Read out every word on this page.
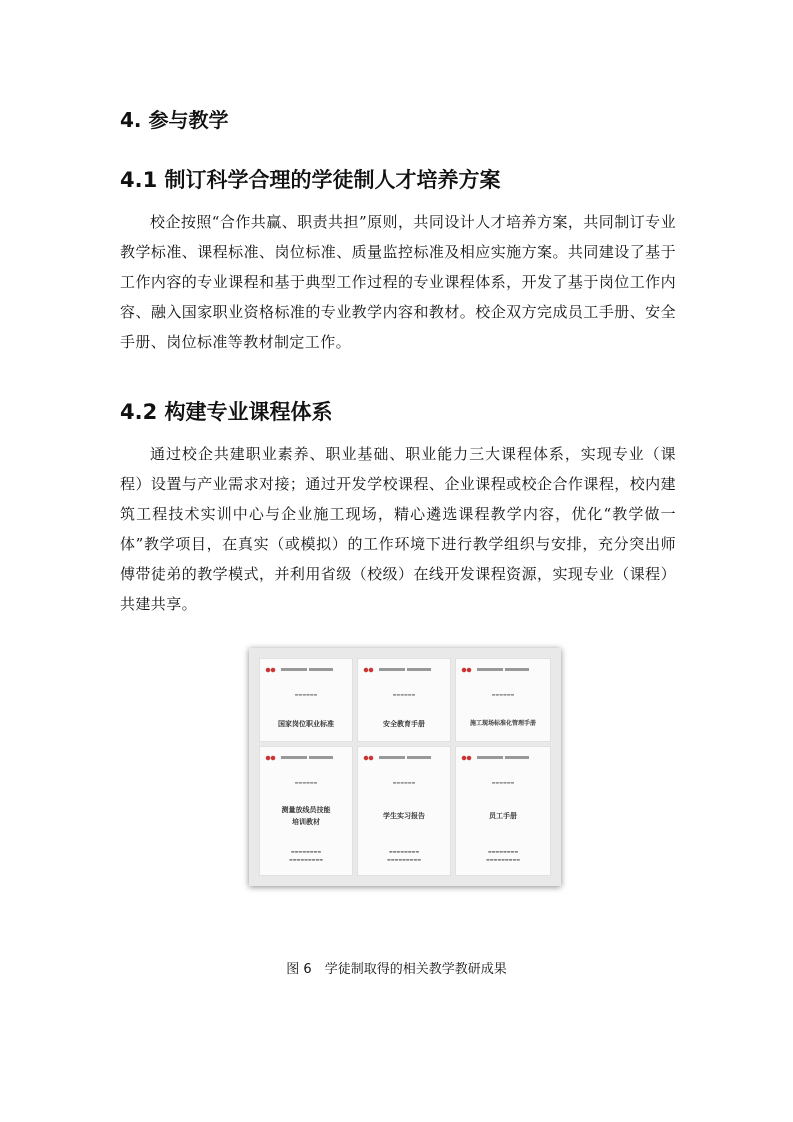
4. 参与教学
4.1 制订科学合理的学徒制人才培养方案

校企按照“合作共赢、职责共担”原则，共同设计人才培养方案，共同制订专业教学标准、课程标准、岗位标准、质量监控标准及相应实施方案。共同建设了基于工作内容的专业课程和基于典型工作过程的专业课程体系，开发了基于岗位工作内容、融入国家职业资格标准的专业教学内容和教材。校企双方完成员工手册、安全手册、岗位标准等教材制定工作。

4.2 构建专业课程体系

通过校企共建职业素养、职业基础、职业能力三大课程体系，实现专业（课程）设置与产业需求对接；通过开发学校课程、企业课程或校企合作课程，校内建筑工程技术实训中心与企业施工现场，精心遴选课程教学内容，优化“教学做一体”教学项目，在真实（或模拟）的工作环境下进行教学组织与安排，充分突出师傅带徒弟的教学模式，并利用省级（校级）在线开发课程资源，实现专业（课程）共建共享。

▬▬▬▬▬▬
国家岗位职业标准
▬▬▬▬▬▬
安全教育手册
▬▬▬▬▬▬
施工现场标准化管理手册
▬▬▬▬▬▬
测量放线员技能培训教材
▬▬▬▬▬▬▬▬
▬▬▬▬▬▬▬▬▬
▬▬▬▬▬▬
学生实习报告
▬▬▬▬▬▬▬▬
▬▬▬▬▬▬▬▬▬
▬▬▬▬▬▬
员工手册
▬▬▬▬▬▬▬▬
▬▬▬▬▬▬▬▬▬
图 6　学徒制取得的相关教学教研成果
